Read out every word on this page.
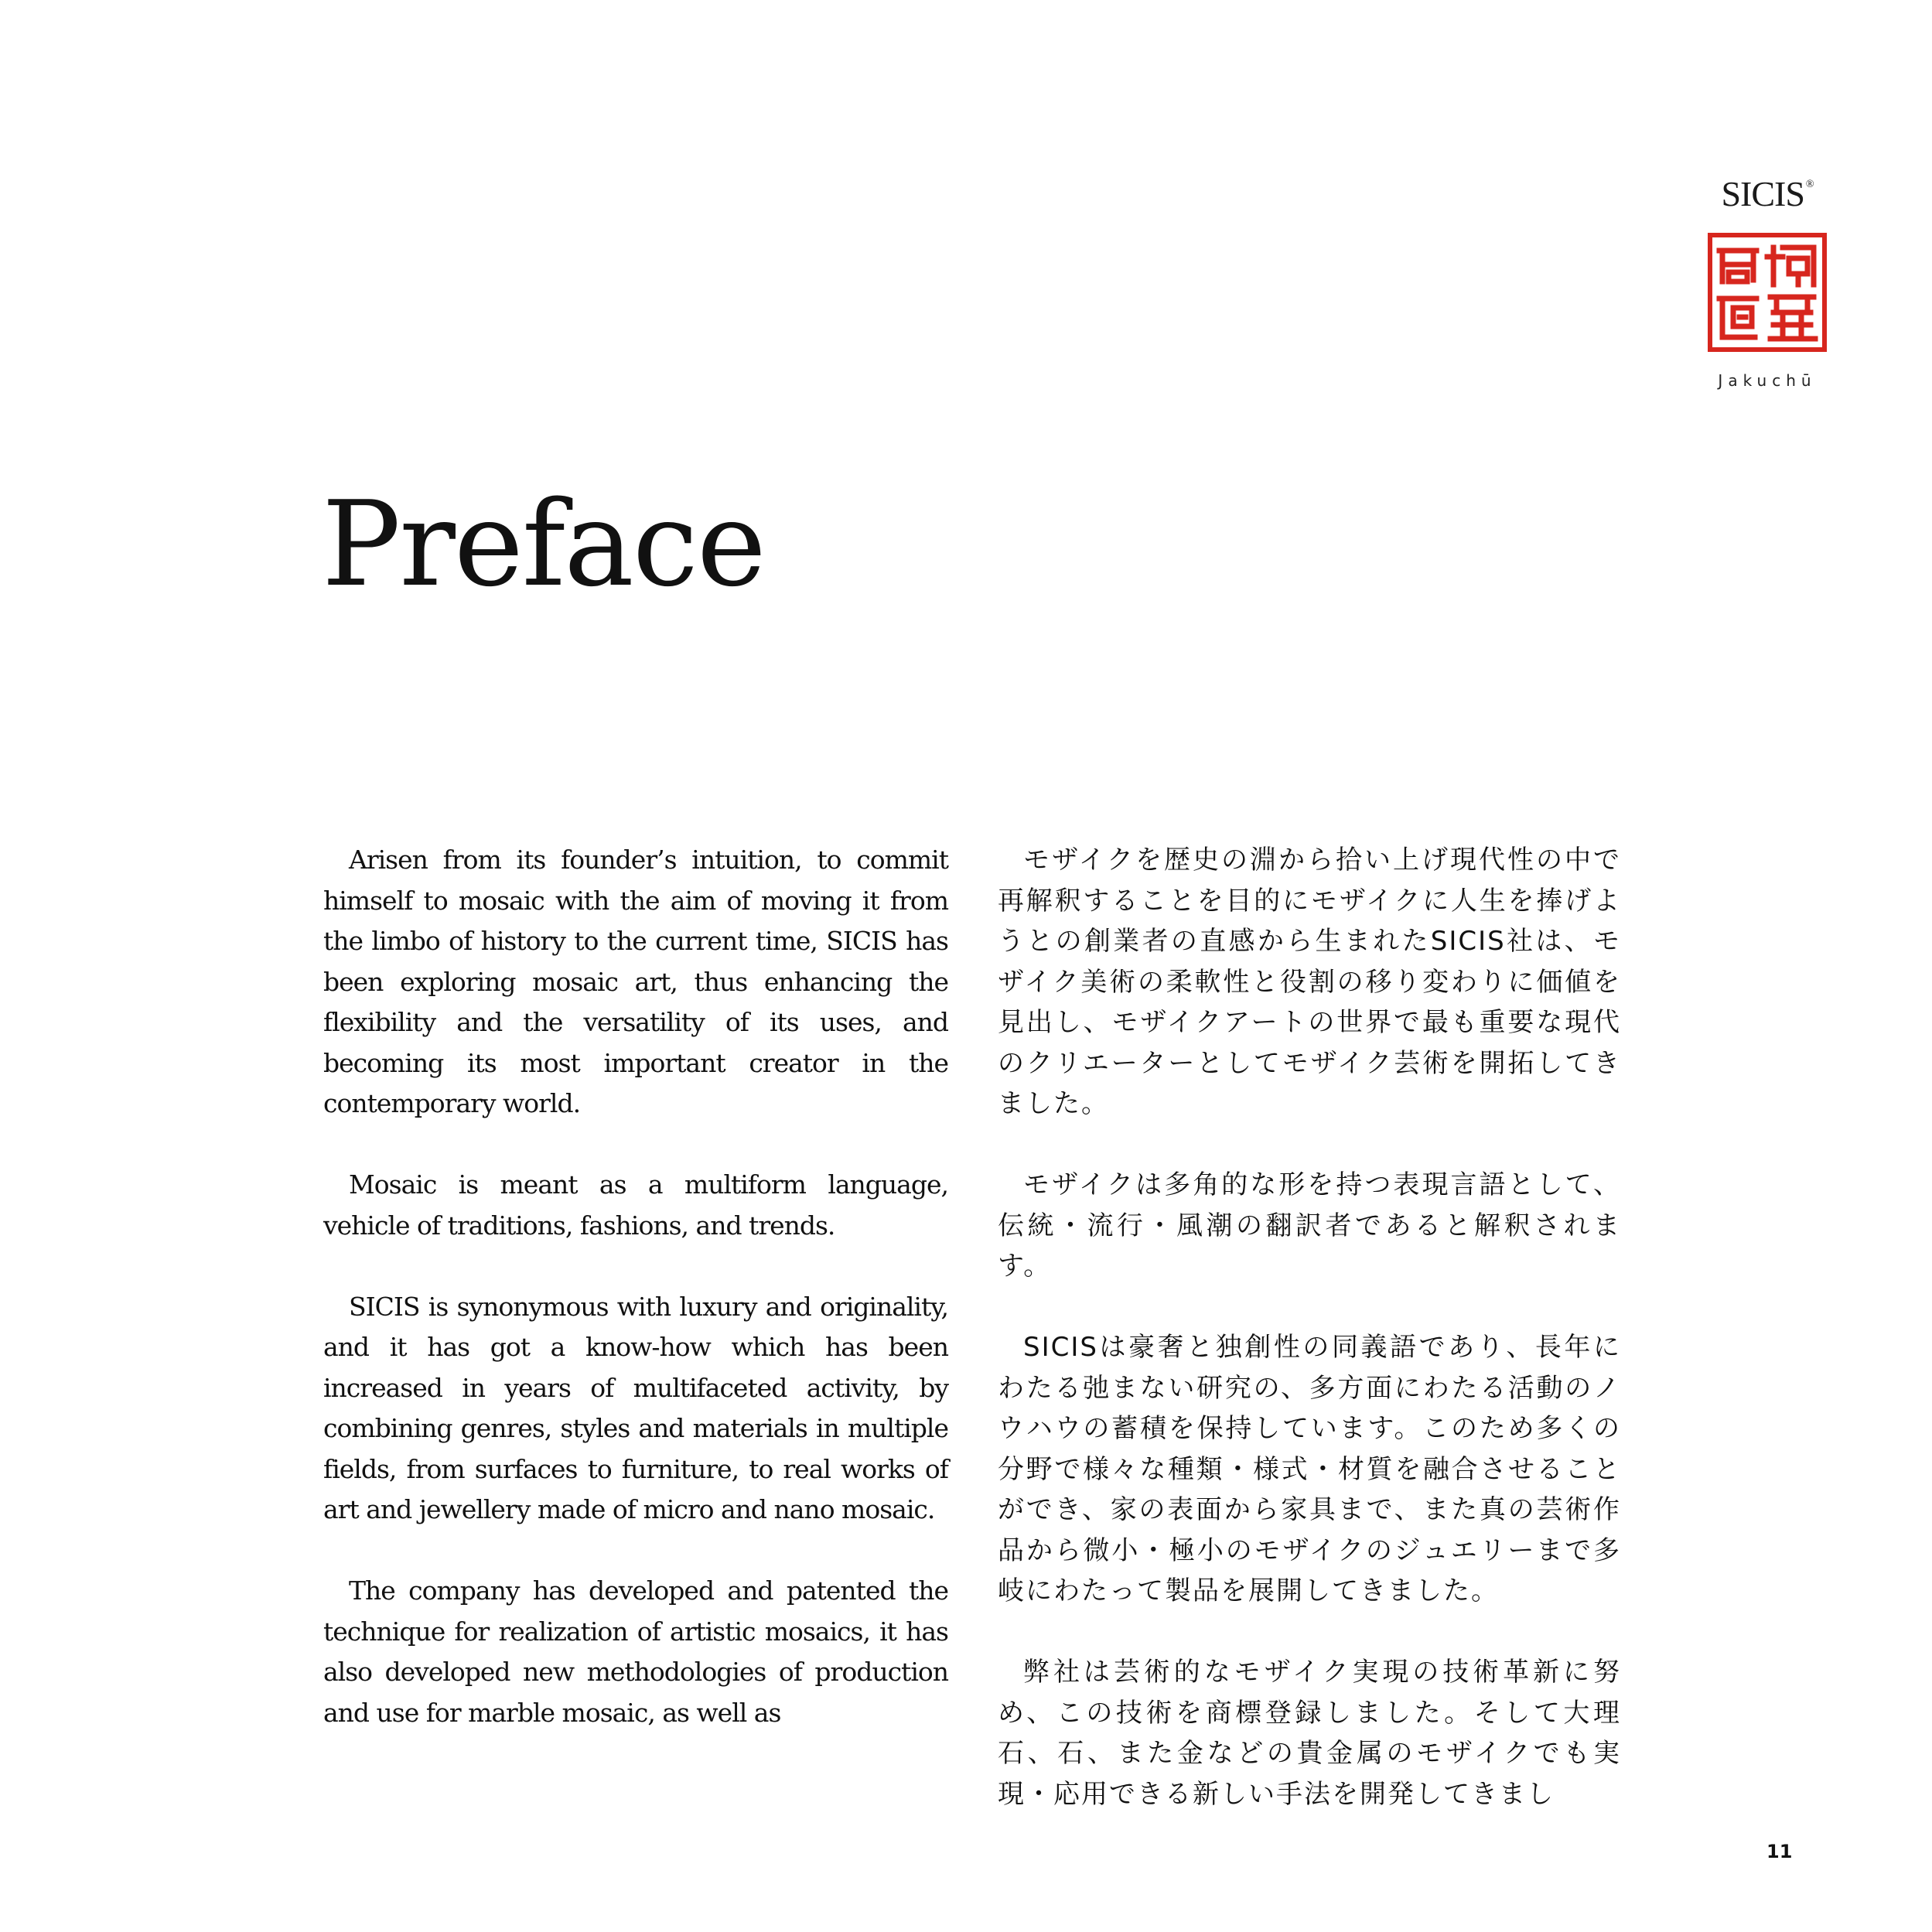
SICIS ®
Jakuchū
Preface

Arisen from its founder’s intuition, to commit himself to mosaic with the aim of moving it from the limbo of history to the current time, SICIS has been exploring mosaic art, thus enhancing the flexibility and the versatility of its uses, and becoming its most important creator in the contemporary world.

Mosaic is meant as a multiform language, vehicle of traditions, fashions, and trends.

SICIS is synonymous with luxury and originality, and it has got a know-how which has been increased in years of multifaceted activity, by combining genres, styles and materials in multiple fields, from surfaces to furniture, to real works of art and jewellery made of micro and nano mosaic.

The company has developed and patented the technique for realization of artistic mosaics, it has also developed new methodologies of production and use for marble mosaic, as well as

モザイクを歴史の淵から拾い上げ現代性の中で再解釈することを目的にモザイクに人生を捧げようとの創業者の直感から生まれたSICIS社は、モザイク美術の柔軟性と役割の移り変わりに価値を見出し、モザイクアートの世界で最も重要な現代のクリエーターとしてモザイク芸術を開拓してきました。

モザイクは多角的な形を持つ表現言語として、伝統・流行・風潮の翻訳者であると解釈されます。

SICISは豪奢と独創性の同義語であり、長年にわたる弛まない研究の、多方面にわたる活動のノウハウの蓄積を保持しています。このため多くの分野で様々な種類・様式・材質を融合させることができ、家の表面から家具まで、また真の芸術作品から微小・極小のモザイクのジュエリーまで多岐にわたって製品を展開してきました。

弊社は芸術的なモザイク実現の技術革新に努め、この技術を商標登録しました。そして大理石、石、また金などの貴金属のモザイクでも実現・応用できる新しい手法を開発してきまし

11
